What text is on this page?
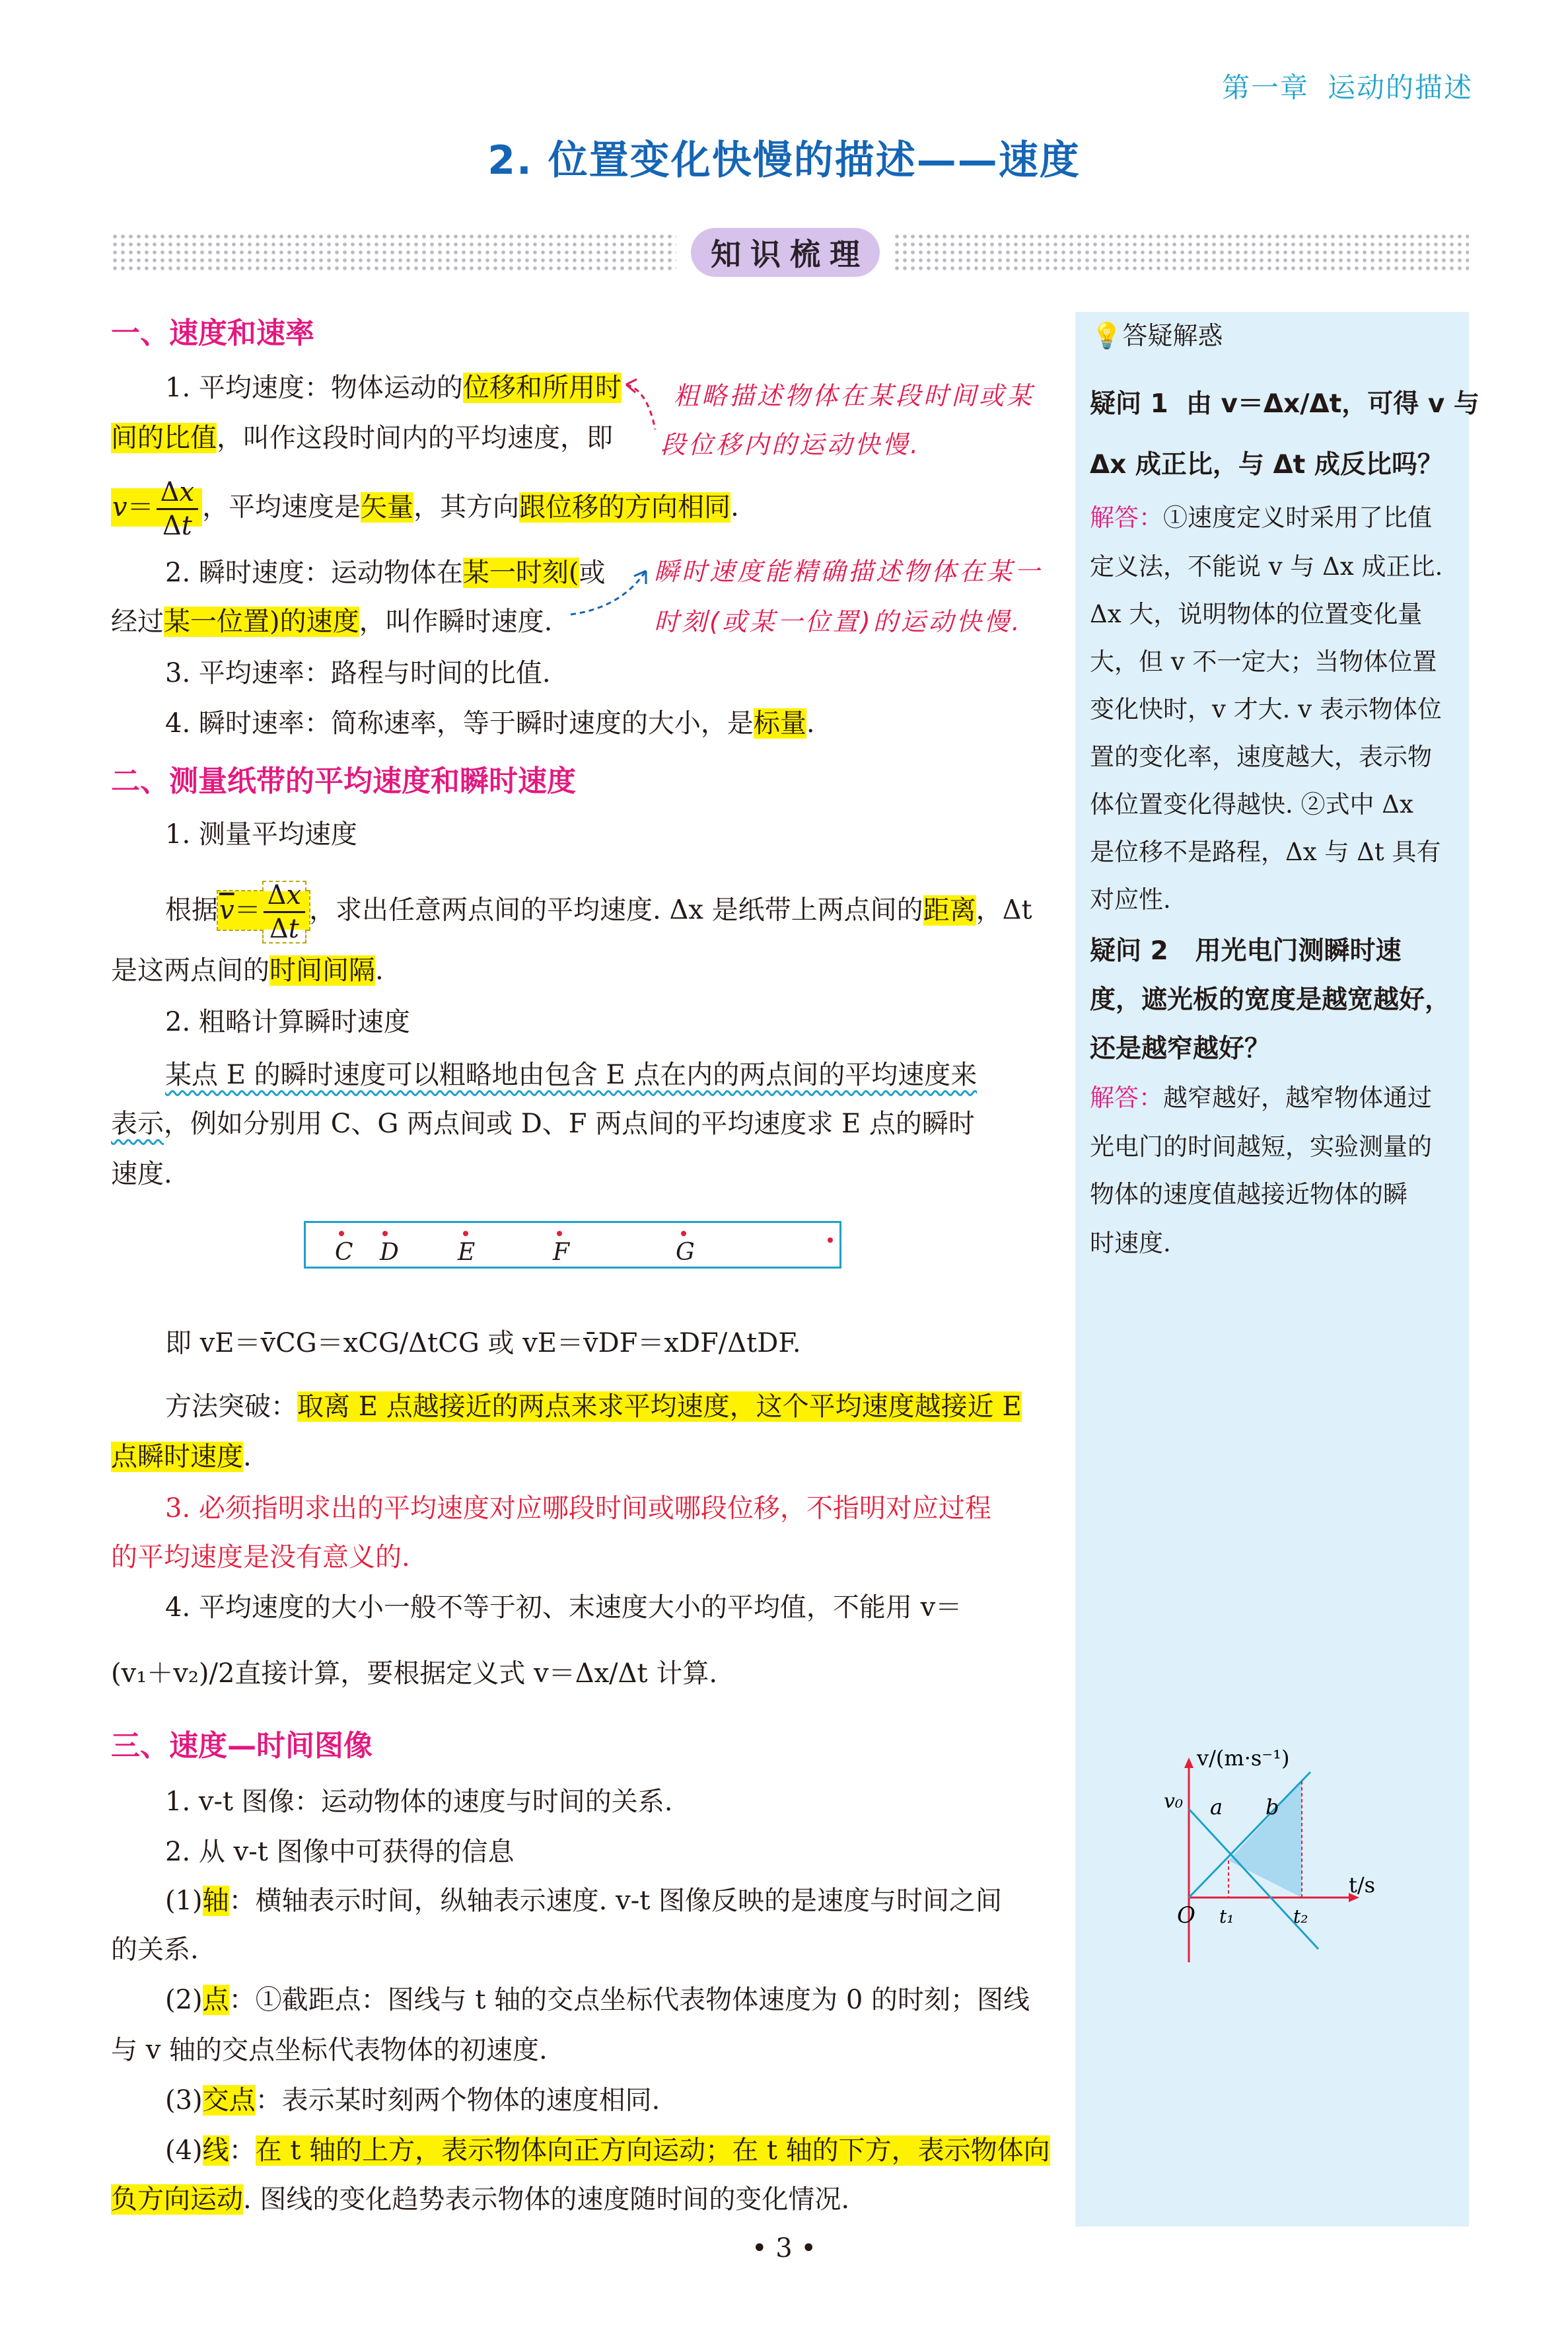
第一章 运动的描述
2. 位置变化快慢的描述——速度
知识梳理
一、速度和速率
1. 平均速度：物体运动的位移和所用时
间的比值，叫作这段时间内的平均速度，即
$v= \frac{\Delta x}{\Delta t}$ ，平均速度是矢量，其方向跟位移的方向相同.
2. 瞬时速度：运动物体在某一时刻(或
经过某一位置)的速度，叫作瞬时速度.
3. 平均速率：路程与时间的比值.
4. 瞬时速率：简称速率，等于瞬时速度的大小，是标量.
粗略描述物体在某段时间或某
段位移内的运动快慢.
瞬时速度能精确描述物体在某一
时刻(或某一位置)的运动快慢.
二、测量纸带的平均速度和瞬时速度
1. 测量平均速度
根据$\overline{v}= \frac{\Delta x}{\Delta t}$ ，求出任意两点间的平均速度. Δx 是纸带上两点间的距离，Δt
是这两点间的时间间隔.
2. 粗略计算瞬时速度
某点 E 的瞬时速度可以粗略地由包含 E 点在内的两点间的平均速度来
表示，例如分别用 C、G 两点间或 D、F 两点间的平均速度求 E 点的瞬时
速度.
C D E	F	G
即 vE＝v̄CG＝xCG/ΔtCG 或 vE＝v̄DF＝xDF/ΔtDF.
方法突破：取离 E 点越接近的两点来求平均速度，这个平均速度越接近 E
点瞬时速度.
3. 必须指明求出的平均速度对应哪段时间或哪段位移，不指明对应过程
的平均速度是没有意义的.
4. 平均速度的大小一般不等于初、末速度大小的平均值，不能用 v＝
(v₁＋v₂)/2直接计算，要根据定义式 v＝Δx/Δt 计算.
三、速度—时间图像
1. v-t 图像：运动物体的速度与时间的关系.
2. 从 v-t 图像中可获得的信息
(1)轴：横轴表示时间，纵轴表示速度. v-t 图像反映的是速度与时间之间
的关系.
(2)点：①截距点：图线与 t 轴的交点坐标代表物体速度为 0 的时刻；图线
与 v 轴的交点坐标代表物体的初速度.
(3)交点：表示某时刻两个物体的速度相同.
(4)线：在 t 轴的上方，表示物体向正方向运动；在 t 轴的下方，表示物体向
负方向运动. 图线的变化趋势表示物体的速度随时间的变化情况.
💡答疑解惑
疑问 1 由 v＝Δx/Δt，可得 v 与
Δx 成正比，与 Δt 成反比吗？
解答：①速度定义时采用了比值
定义法，不能说 v 与 Δx 成正比.
Δx 大，说明物体的位置变化量
大，但 v 不一定大；当物体位置
变化快时，v 才大. v 表示物体位
置的变化率，速度越大，表示物
体位置变化得越快. ②式中 Δx
是位移不是路程，Δx 与 Δt 具有
对应性.
疑问 2 用光电门测瞬时速
度，遮光板的宽度是越宽越好，
还是越窄越好？
解答：越窄越好，越窄物体通过
光电门的时间越短，实验测量的
物体的速度值越接近物体的瞬
时速度.
v/(m·s⁻¹)
O
v₀ a b
t₁	t₂
t/s
• 3 •
